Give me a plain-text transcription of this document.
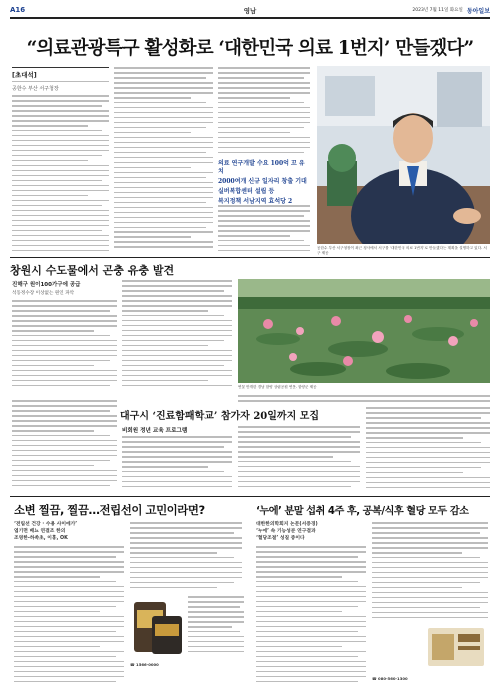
A16	영남	2023년 7월 11일 화요일 동아일보
“의료관광특구 활성화로 ‘대한민국 의료 1번지’ 만들겠다”
[초대석]
공한수 부산 서구청장
의료 연구개발 수요 100억 꼬 유치
2000여개 신규 일자리 창출 기대
실버복합센터 설립 등
복지정책 서남지역 효석당 2
공한수 부산 서구청장이 최근 청사에서 서구를 ‘대한민국 의료 1번지’로 만들겠다는 계획을 설명하고 있다. 서구 제공
창원시 수도물에서 곤충 유충 발견
진해구 원이100가구에 공급
석동정수장 이상없는 원인 파악
연꽃 만개한 경남 함양 상림공원 연못. 함양군 제공
대구시 ‘진료함패학교’ 참가자 20일까지 모집
비회원 정년 교육 프로그램
소변 찔끔, 찔끔…전립선이 고민이라면?
‘전립선 건강 · 수용 사이에가’
엽기면 배뇨 연결조 한의
조영한-하쏙초, 이홍, OK
☎ 1566-0000
‘누에’ 분말 섭취 4주 후, 공복/식후 혈당 모두 감소
대한한의학회지 논문(서증경)
‘누에’ 속 기능성분 연구결과
‘혈당조절’ 성질 증이다
☎ 080-560-1300
